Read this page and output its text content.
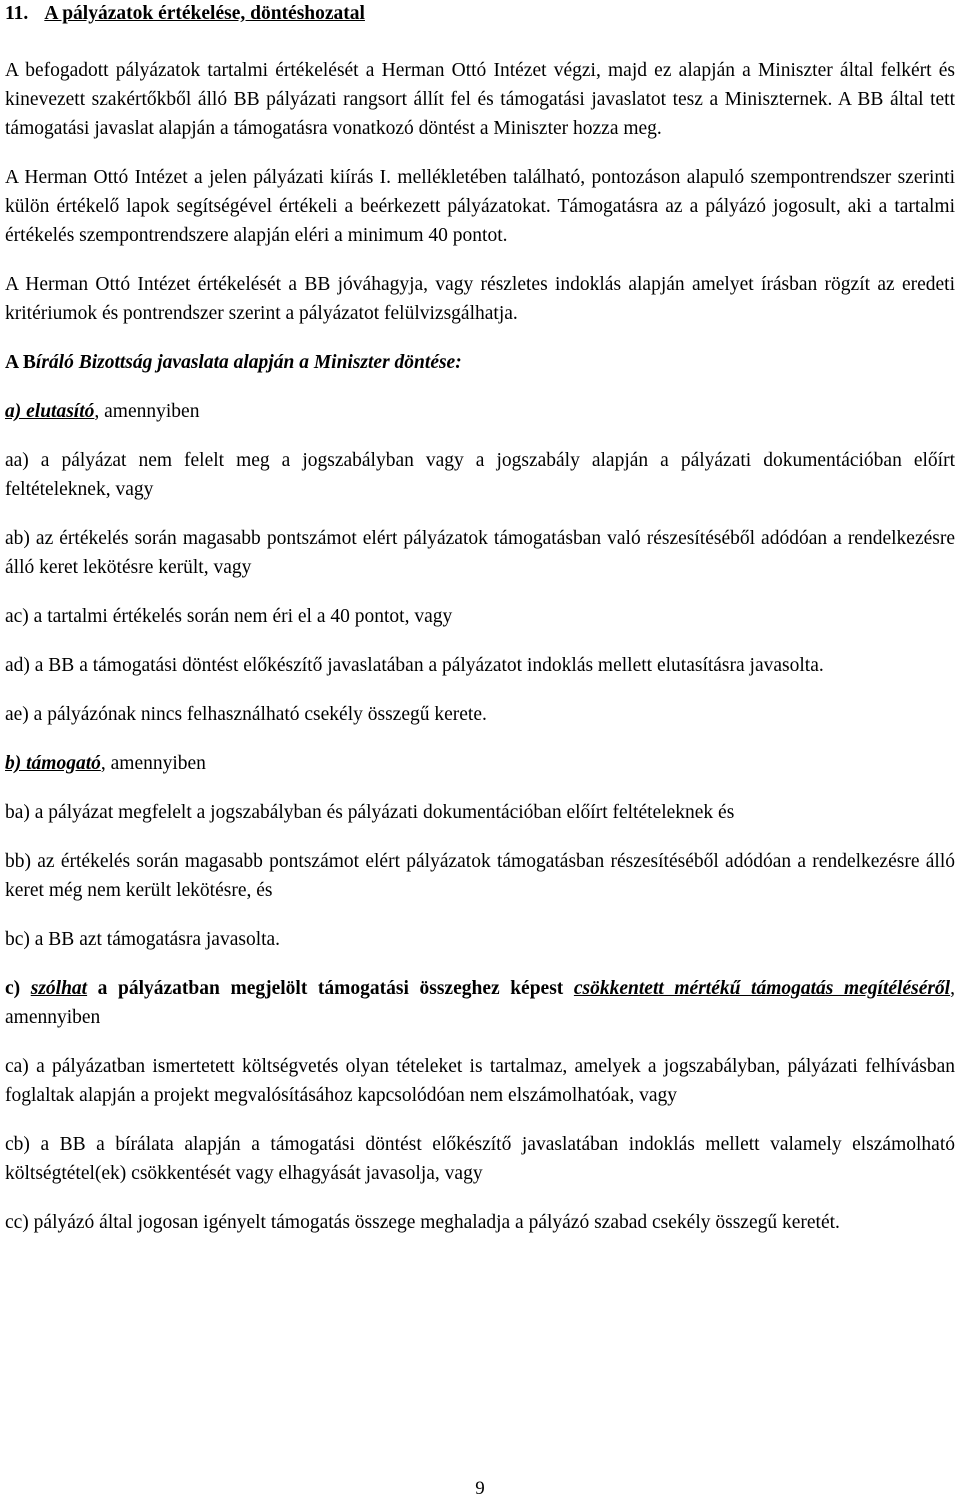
11. A pályázatok értékelése, döntéshozatal

A befogadott pályázatok tartalmi értékelését a Herman Ottó Intézet végzi, majd ez alapján a Miniszter által felkért és kinevezett szakértőkből álló BB pályázati rangsort állít fel és támogatási javaslatot tesz a Miniszternek. A BB által tett támogatási javaslat alapján a támogatásra vonatkozó döntést a Miniszter hozza meg.

A Herman Ottó Intézet a jelen pályázati kiírás I. mellékletében található, pontozáson alapuló szempontrendszer szerinti külön értékelő lapok segítségével értékeli a beérkezett pályázatokat. Támogatásra az a pályázó jogosult, aki a tartalmi értékelés szempontrendszere alapján eléri a minimum 40 pontot.

A Herman Ottó Intézet értékelését a BB jóváhagyja, vagy részletes indoklás alapján amelyet írásban rögzít az eredeti kritériumok és pontrendszer szerint a pályázatot felülvizsgálhatja.

A Bíráló Bizottság javaslata alapján a Miniszter döntése:

a) elutasító, amennyiben

aa) a pályázat nem felelt meg a jogszabályban vagy a jogszabály alapján a pályázati dokumentációban előírt feltételeknek, vagy

ab) az értékelés során magasabb pontszámot elért pályázatok támogatásban való részesítéséből adódóan a rendelkezésre álló keret lekötésre került, vagy

ac) a tartalmi értékelés során nem éri el a 40 pontot, vagy

ad) a BB a támogatási döntést előkészítő javaslatában a pályázatot indoklás mellett elutasításra javasolta.

ae) a pályázónak nincs felhasználható csekély összegű kerete.

b) támogató, amennyiben

ba) a pályázat megfelelt a jogszabályban és pályázati dokumentációban előírt feltételeknek és

bb) az értékelés során magasabb pontszámot elért pályázatok támogatásban részesítéséből adódóan a rendelkezésre álló keret még nem került lekötésre, és

bc) a BB azt támogatásra javasolta.

c) szólhat a pályázatban megjelölt támogatási összeghez képest csökkentett mértékű támogatás megítéléséről, amennyiben

ca) a pályázatban ismertetett költségvetés olyan tételeket is tartalmaz, amelyek a jogszabályban, pályázati felhívásban foglaltak alapján a projekt megvalósításához kapcsolódóan nem elszámolhatóak, vagy

cb) a BB a bírálata alapján a támogatási döntést előkészítő javaslatában indoklás mellett valamely elszámolható költségtétel(ek) csökkentését vagy elhagyását javasolja, vagy

cc) pályázó által jogosan igényelt támogatás összege meghaladja a pályázó szabad csekély összegű keretét.

9
